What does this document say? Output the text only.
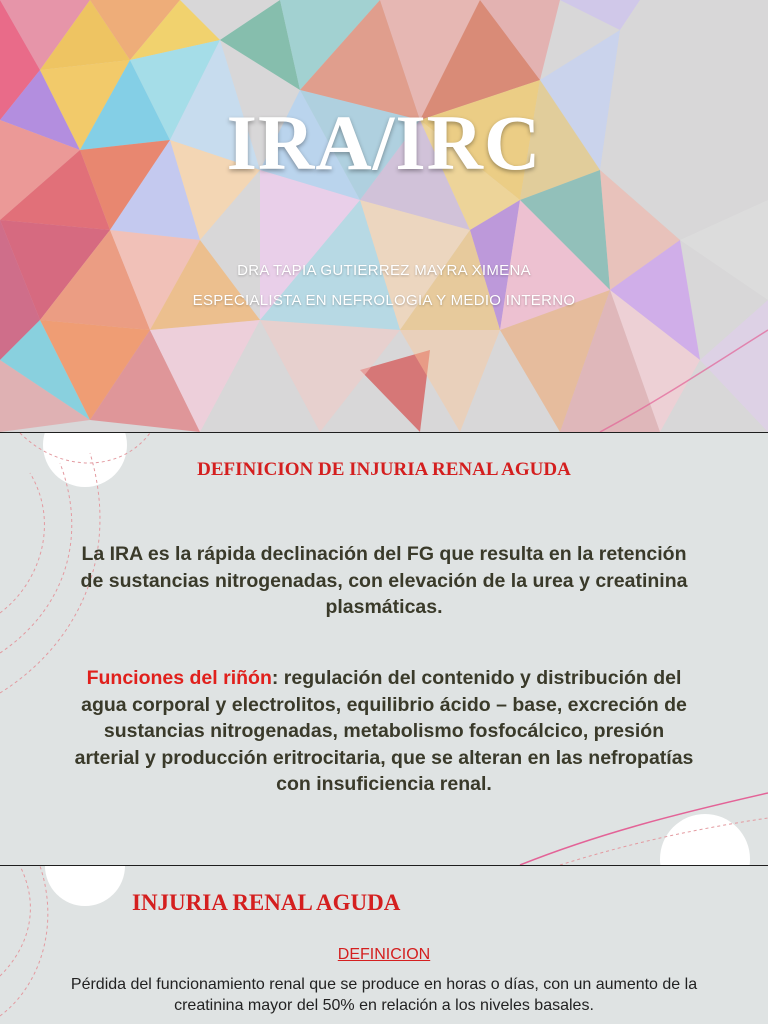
IRA/IRC
DRA TAPIA GUTIERREZ MAYRA XIMENA
ESPECIALISTA EN NEFROLOGIA Y MEDIO INTERNO
DEFINICION DE INJURIA RENAL AGUDA
La IRA es la rápida declinación del FG que resulta en la retención de sustancias nitrogenadas, con elevación de la urea y creatinina plasmáticas.
Funciones del riñón: regulación del contenido y distribución del agua corporal y electrolitos, equilibrio ácido – base, excreción de sustancias nitrogenadas, metabolismo fosfocálcico, presión arterial y producción eritrocitaria, que se alteran en las nefropatías con insuficiencia renal.
INJURIA RENAL AGUDA
DEFINICION
Pérdida del funcionamiento renal que se produce en horas o días, con un aumento de la creatinina mayor del 50% en relación a los niveles basales.
